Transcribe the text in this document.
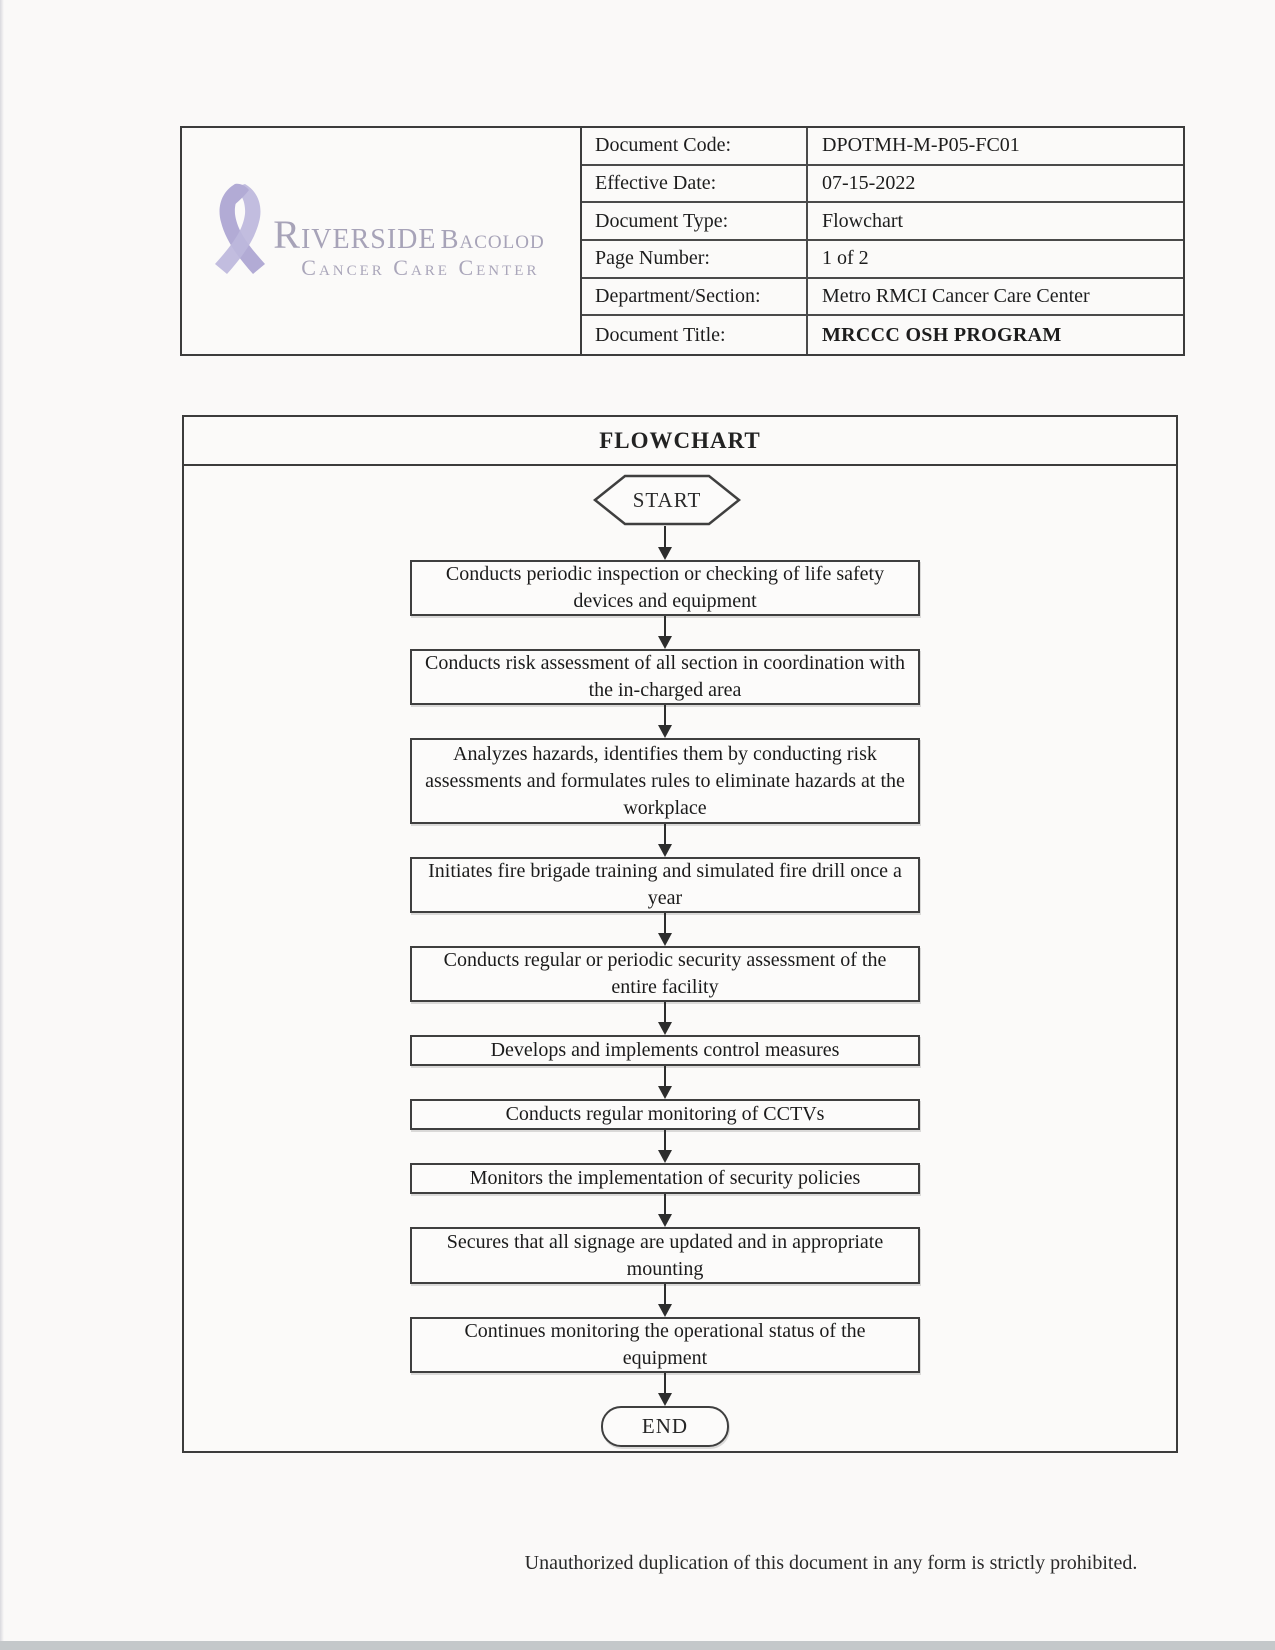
Riverside Bacolod
Cancer Care Center
Document Code:	DPOTMH-M-P05-FC01
Effective Date:	07-15-2022
Document Type:	Flowchart
Page Number:	1 of 2
Department/Section:	Metro RMCI Cancer Care Center
Document Title:	MRCCC OSH PROGRAM
FLOWCHART
START
Conducts periodic inspection or checking of life safety devices and equipment
Conducts risk assessment of all section in coordination with the in-charged area
Analyzes hazards, identifies them by conducting risk assessments and formulates rules to eliminate hazards at the workplace
Initiates fire brigade training and simulated fire drill once a year
Conducts regular or periodic security assessment of the entire facility
Develops and implements control measures
Conducts regular monitoring of CCTVs
Monitors the implementation of security policies
Secures that all signage are updated and in appropriate mounting
Continues monitoring the operational status of the equipment
END
Unauthorized duplication of this document in any form is strictly prohibited.
